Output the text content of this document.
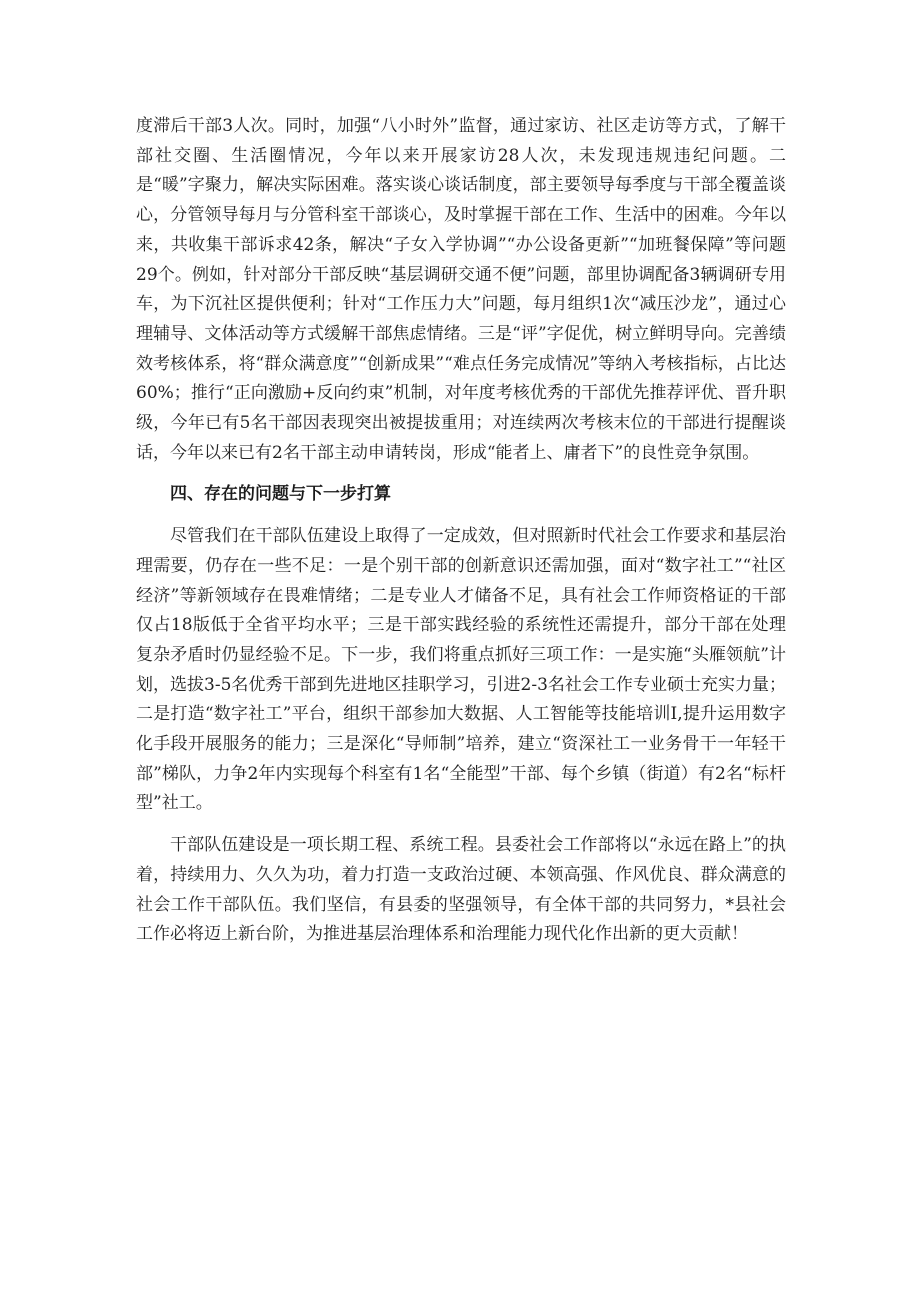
度滞后干部3人次。同时，加强“八小时外”监督，通过家访、社区走访等方式，了解干部社交圈、生活圈情况，今年以来开展家访28人次，未发现违规违纪问题。二是“暖”字聚力，解决实际困难。落实谈心谈话制度，部主要领导每季度与干部全覆盖谈心，分管领导每月与分管科室干部谈心，及时掌握干部在工作、生活中的困难。今年以来，共收集干部诉求42条，解决“子女入学协调”“办公设备更新”“加班餐保障”等问题29个。例如，针对部分干部反映“基层调研交通不便”问题，部里协调配备3辆调研专用车，为下沉社区提供便利；针对“工作压力大”问题，每月组织1次“减压沙龙”，通过心理辅导、文体活动等方式缓解干部焦虑情绪。三是“评”字促优，树立鲜明导向。完善绩效考核体系，将“群众满意度”“创新成果”“难点任务完成情况”等纳入考核指标，占比达60%；推行“正向激励+反向约束”机制，对年度考核优秀的干部优先推荐评优、晋升职级，今年已有5名干部因表现突出被提拔重用；对连续两次考核末位的干部进行提醒谈话，今年以来已有2名干部主动申请转岗，形成“能者上、庸者下”的良性竞争氛围。

四、存在的问题与下一步打算

尽管我们在干部队伍建设上取得了一定成效，但对照新时代社会工作要求和基层治理需要，仍存在一些不足：一是个别干部的创新意识还需加强，面对“数字社工”“社区经济”等新领域存在畏难情绪；二是专业人才储备不足，具有社会工作师资格证的干部仅占18版低于全省平均水平；三是干部实践经验的系统性还需提升，部分干部在处理复杂矛盾时仍显经验不足。下一步，我们将重点抓好三项工作：一是实施“头雁领航”计划，选拔3-5名优秀干部到先进地区挂职学习，引进2-3名社会工作专业硕士充实力量；二是打造“数字社工”平台，组织干部参加大数据、人工智能等技能培训I,提升运用数字化手段开展服务的能力；三是深化“导师制”培养，建立“资深社工一业务骨干一年轻干部”梯队，力争2年内实现每个科室有1名“全能型”干部、每个乡镇（街道）有2名“标杆型”社工。

干部队伍建设是一项长期工程、系统工程。县委社会工作部将以“永远在路上”的执着，持续用力、久久为功，着力打造一支政治过硬、本领高强、作风优良、群众满意的社会工作干部队伍。我们坚信，有县委的坚强领导，有全体干部的共同努力，*县社会工作必将迈上新台阶，为推进基层治理体系和治理能力现代化作出新的更大贡献！
